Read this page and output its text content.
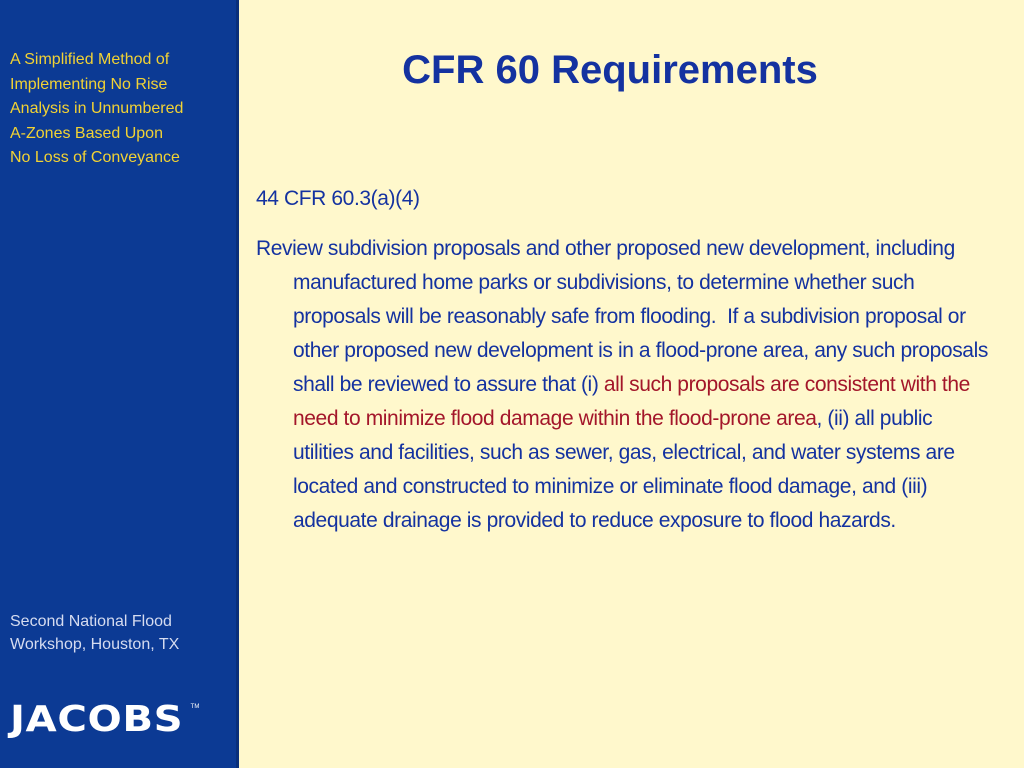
A Simplified Method of
Implementing No Rise
Analysis in Unnumbered
A-Zones Based Upon
No Loss of Conveyance
Second National Flood
Workshop, Houston, TX
JACOBS TM
CFR 60 Requirements

44 CFR 60.3(a)(4)

Review subdivision proposals and other proposed new development, including manufactured home parks or subdivisions, to determine whether such proposals will be reasonably safe from flooding.  If a subdivision proposal or other proposed new development is in a flood-prone area, any such proposals shall be reviewed to assure that (i) all such proposals are consistent with the need to minimize flood damage within the flood-prone area, (ii) all public utilities and facilities, such as sewer, gas, electrical, and water systems are located and constructed to minimize or eliminate flood damage, and (iii) adequate drainage is provided to reduce exposure to flood hazards.
